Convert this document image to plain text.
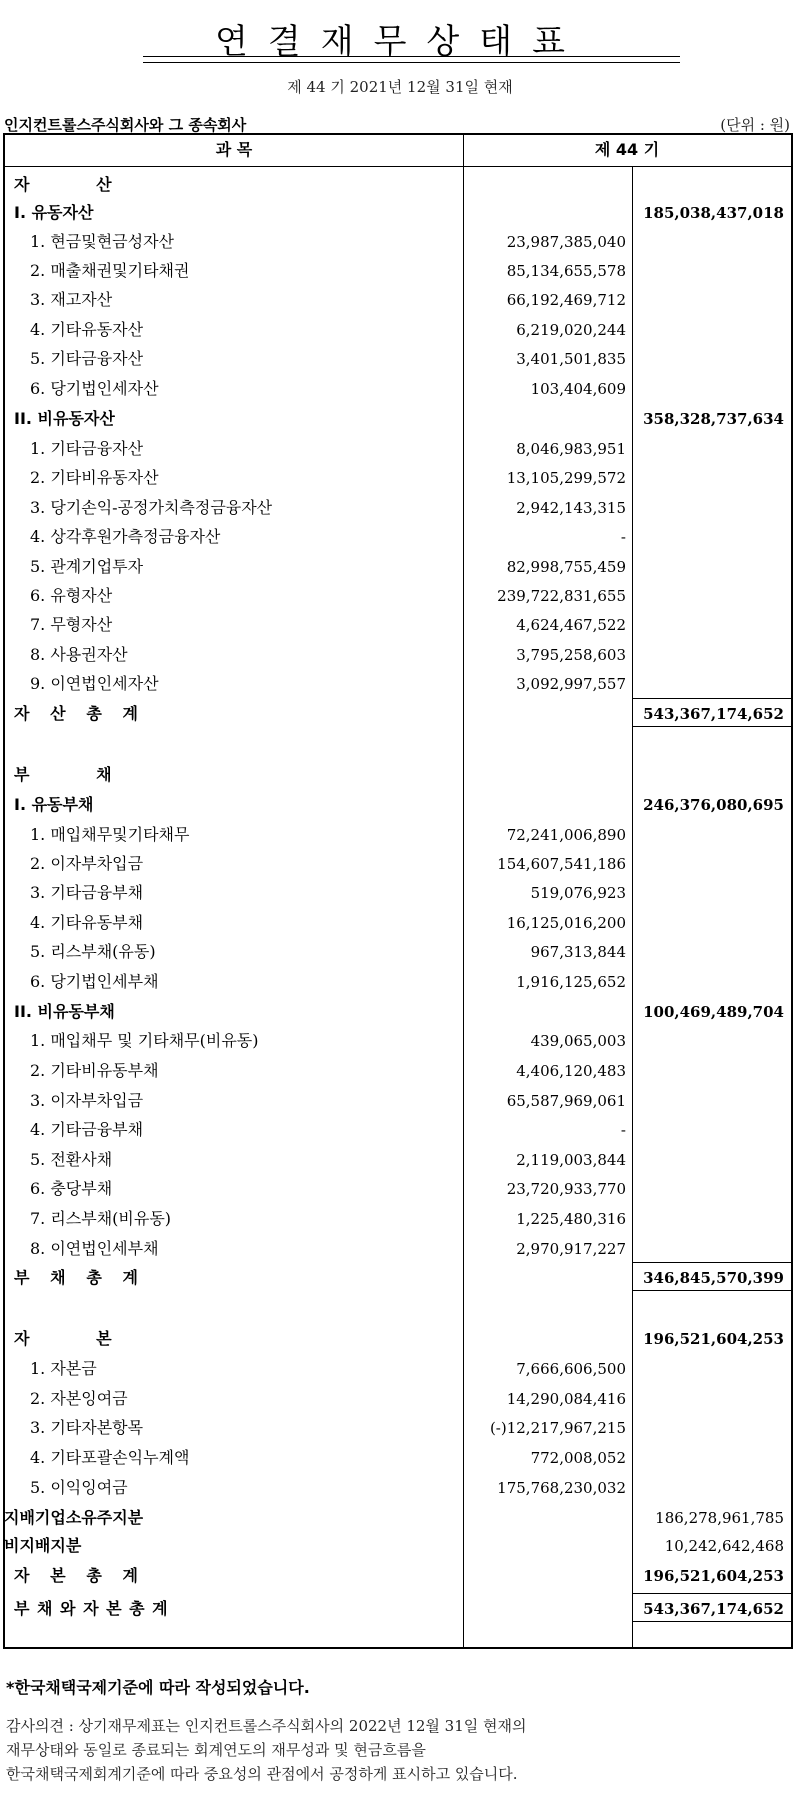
연결재무상태표
제 44 기 2021년 12월 31일 현재
인지컨트롤스주식회사와 그 종속회사	(단위 : 원)
과 목	제 44 기
자          산
I. 유동자산	185,038,437,018
1. 현금및현금성자산	23,987,385,040
2. 매출채권및기타채권	85,134,655,578
3. 재고자산	66,192,469,712
4. 기타유동자산	6,219,020,244
5. 기타금융자산	3,401,501,835
6. 당기법인세자산	103,404,609
II. 비유동자산	358,328,737,634
1. 기타금융자산	8,046,983,951
2. 기타비유동자산	13,105,299,572
3. 당기손익-공정가치측정금융자산	2,942,143,315
4. 상각후원가측정금융자산	-
5. 관계기업투자	82,998,755,459
6. 유형자산	239,722,831,655
7. 무형자산	4,624,467,522
8. 사용권자산	3,795,258,603
9. 이연법인세자산	3,092,997,557
자   산   총   계	543,367,174,652
부          채
I. 유동부채	246,376,080,695
1. 매입채무및기타채무	72,241,006,890
2. 이자부차입금	154,607,541,186
3. 기타금융부채	519,076,923
4. 기타유동부채	16,125,016,200
5. 리스부채(유동)	967,313,844
6. 당기법인세부채	1,916,125,652
II. 비유동부채	100,469,489,704
1. 매입채무 및 기타채무(비유동)	439,065,003
2. 기타비유동부채	4,406,120,483
3. 이자부차입금	65,587,969,061
4. 기타금융부채	-
5. 전환사채	2,119,003,844
6. 충당부채	23,720,933,770
7. 리스부채(비유동)	1,225,480,316
8. 이연법인세부채	2,970,917,227
부   채   총   계	346,845,570,399
자          본	196,521,604,253
1. 자본금	7,666,606,500
2. 자본잉여금	14,290,084,416
3. 기타자본항목	(-)12,217,967,215
4. 기타포괄손익누계액	772,008,052
5. 이익잉여금	175,768,230,032
지배기업소유주지분	186,278,961,785
비지배지분	10,242,642,468
자   본   총   계	196,521,604,253
부 채 와 자 본 총 계	543,367,174,652
*한국채택국제기준에 따라 작성되었습니다.
감사의견 : 상기재무제표는 인지컨트롤스주식회사의 2022년 12월 31일 현재의
재무상태와 동일로 종료되는 회계연도의 재무성과 및 현금흐름을
한국채택국제회계기준에 따라 중요성의 관점에서 공정하게 표시하고 있습니다.
